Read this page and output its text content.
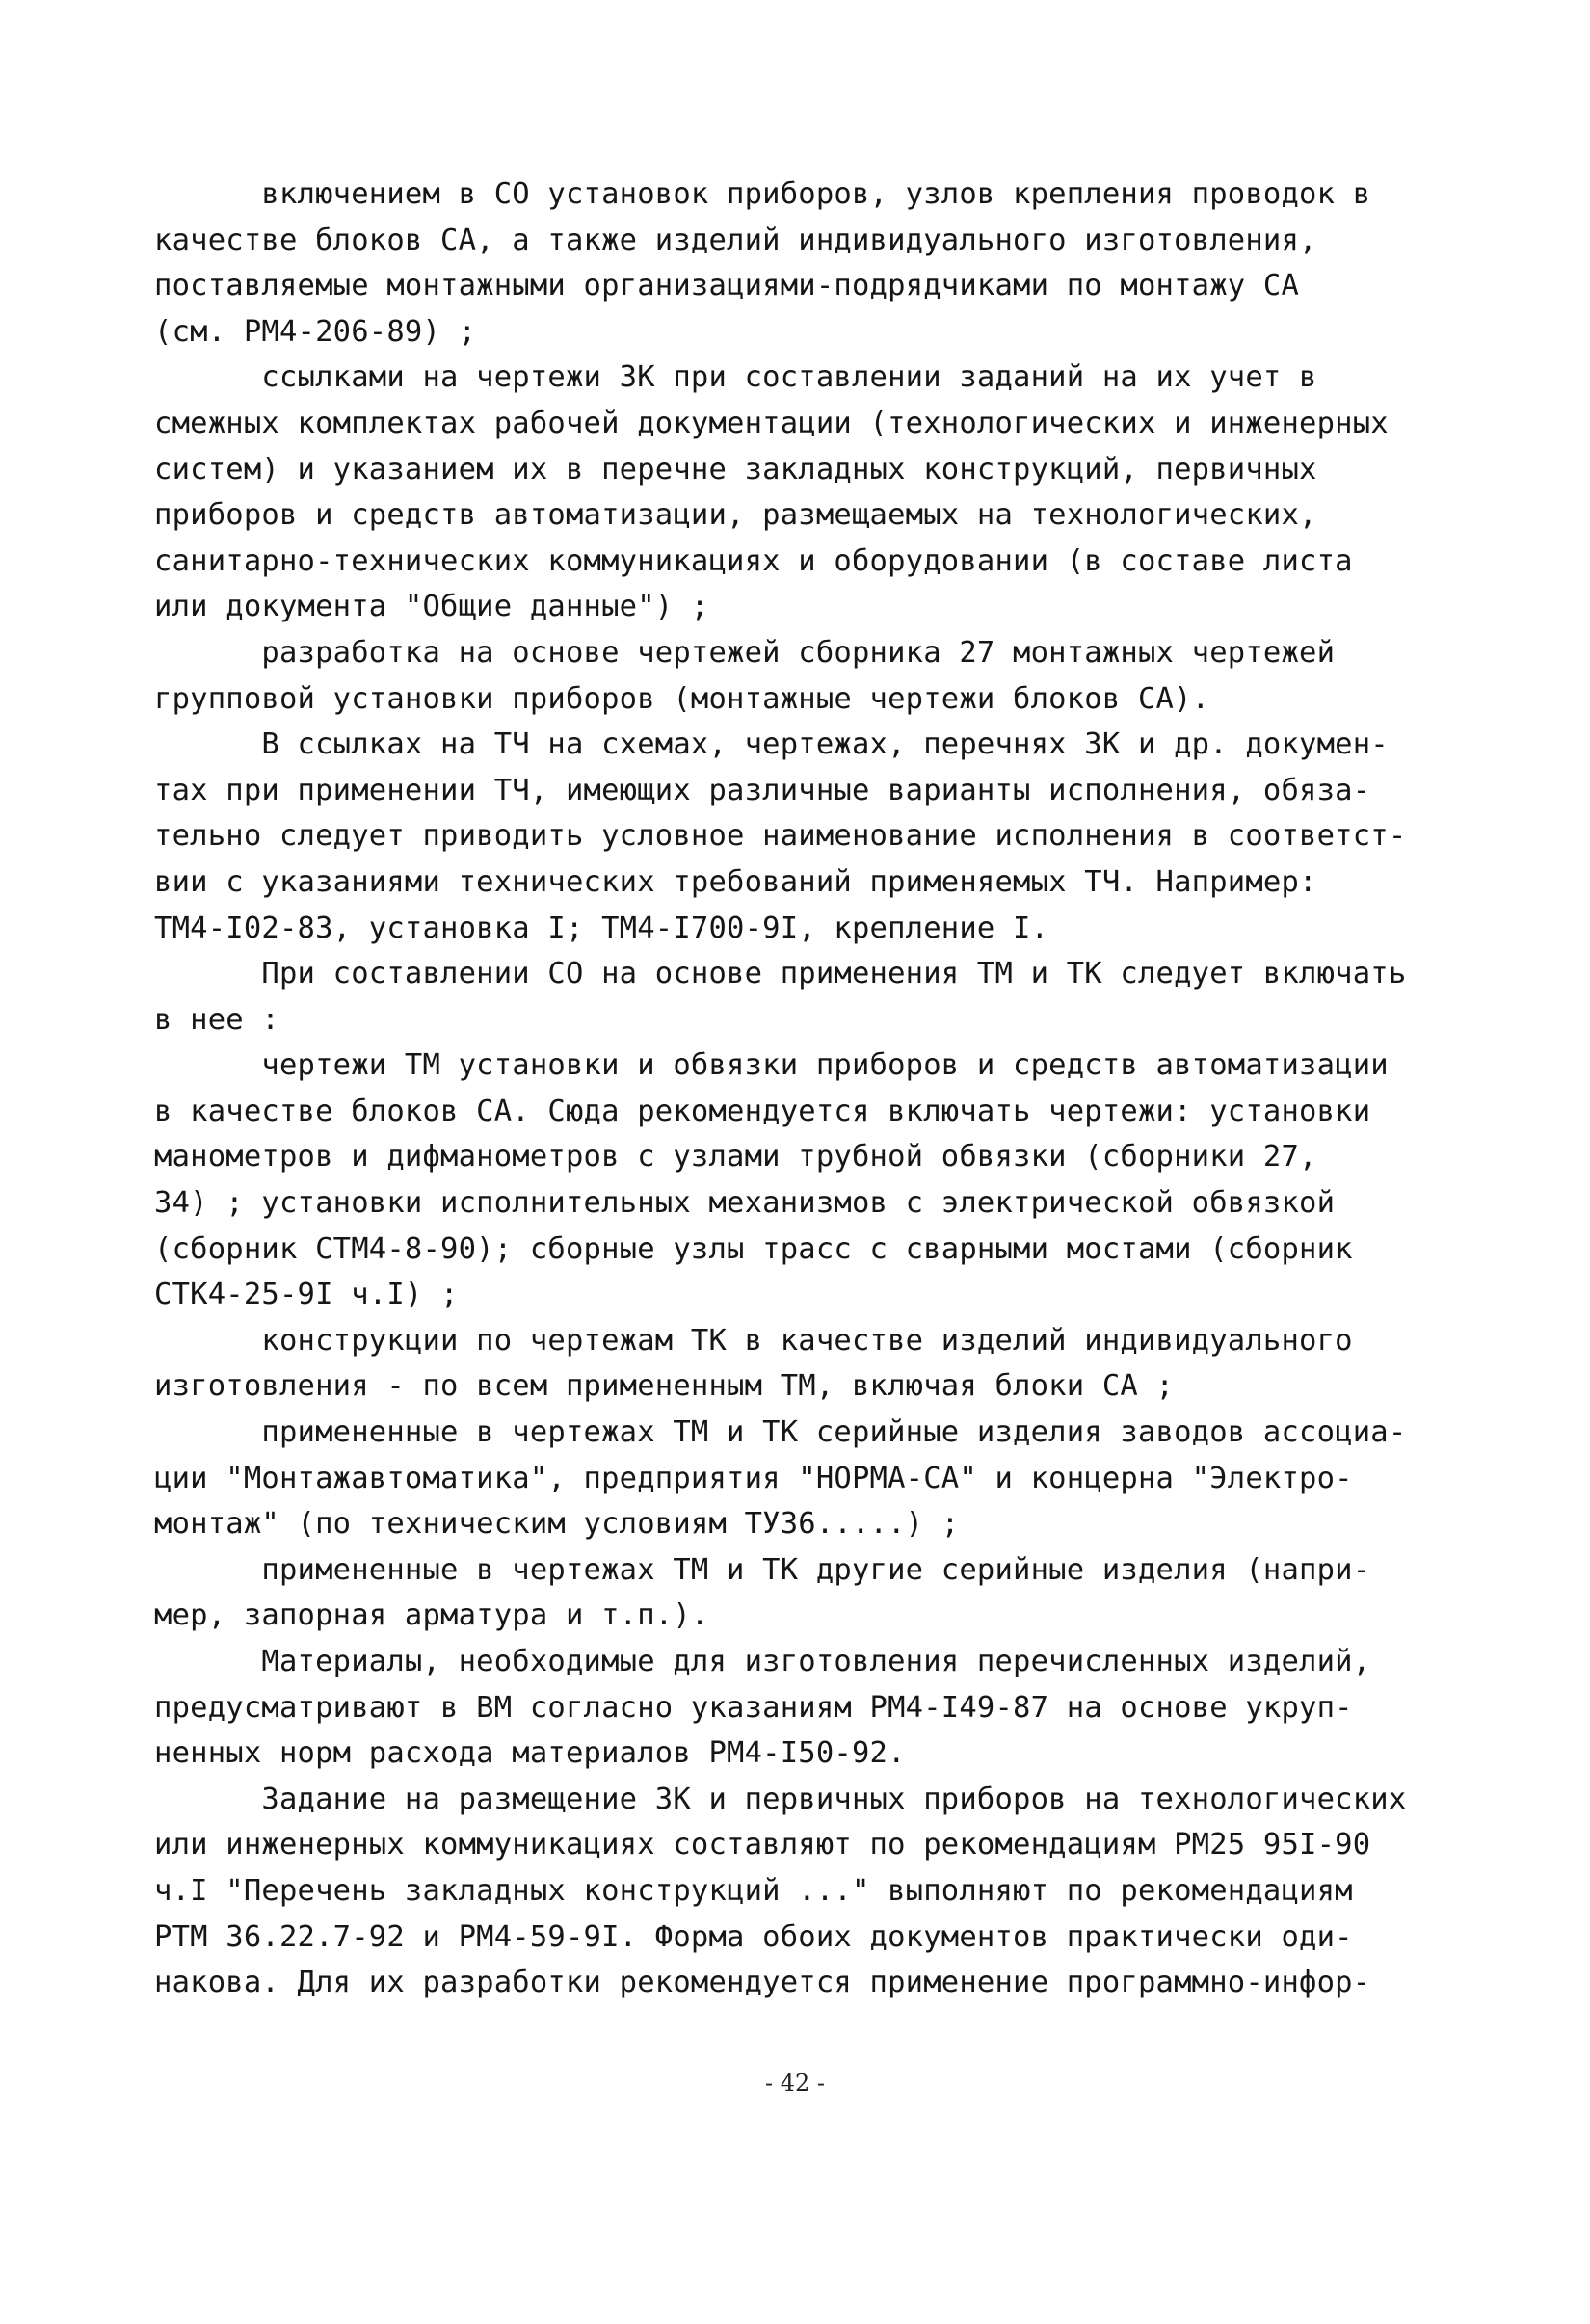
включением в СО установок приборов, узлов крепления проводок в
качестве блоков СА, а также изделий индивидуального изготовления,
поставляемые монтажными организациями-подрядчиками по монтажу СА
(см. РМ4-206-89) ;
ссылками на чертежи ЗК при составлении заданий на их учет в
смежных комплектах рабочей документации (технологических и инженерных
систем) и указанием их в перечне закладных конструкций, первичных
приборов и средств автоматизации, размещаемых на технологических,
санитарно-технических коммуникациях и оборудовании (в составе листа
или документа "Общие данные") ;
разработка на основе чертежей сборника 27 монтажных чертежей
групповой установки приборов (монтажные чертежи блоков СА).
В ссылках на ТЧ на схемах, чертежах, перечнях ЗК и др. докумен-
тах при применении ТЧ, имеющих различные варианты исполнения, обяза-
тельно следует приводить условное наименование исполнения в соответст-
вии с указаниями технических требований применяемых ТЧ. Например:
ТМ4-I02-83, установка I; ТМ4-I700-9I, крепление I.
При составлении СО на основе применения ТМ и ТК следует включать
в нее :
чертежи ТМ установки и обвязки приборов и средств автоматизации
в качестве блоков СА. Сюда рекомендуется включать чертежи: установки
манометров и дифманометров с узлами трубной обвязки (сборники 27,
34) ; установки исполнительных механизмов с электрической обвязкой
(сборник СТМ4-8-90); сборные узлы трасс с сварными мостами (сборник
СТК4-25-9I ч.I) ;
конструкции по чертежам ТК в качестве изделий индивидуального
изготовления - по всем примененным ТМ, включая блоки СА ;
примененные в чертежах ТМ и ТК серийные изделия заводов ассоциа-
ции "Монтажавтоматика", предприятия "НОРМА-СА" и концерна "Электро-
монтаж" (по техническим условиям ТУ36.....) ;
примененные в чертежах ТМ и ТК другие серийные изделия (напри-
мер, запорная арматура и т.п.).
Материалы, необходимые для изготовления перечисленных изделий,
предусматривают в ВМ согласно указаниям РМ4-I49-87 на основе укруп-
ненных норм расхода материалов РМ4-I50-92.
Задание на размещение ЗК и первичных приборов на технологических
или инженерных коммуникациях составляют по рекомендациям РМ25 95I-90
ч.I "Перечень закладных конструкций ..." выполняют по рекомендациям
РТМ 36.22.7-92 и РМ4-59-9I. Форма обоих документов практически оди-
накова. Для их разработки рекомендуется применение программно-инфор-
- 42 -
